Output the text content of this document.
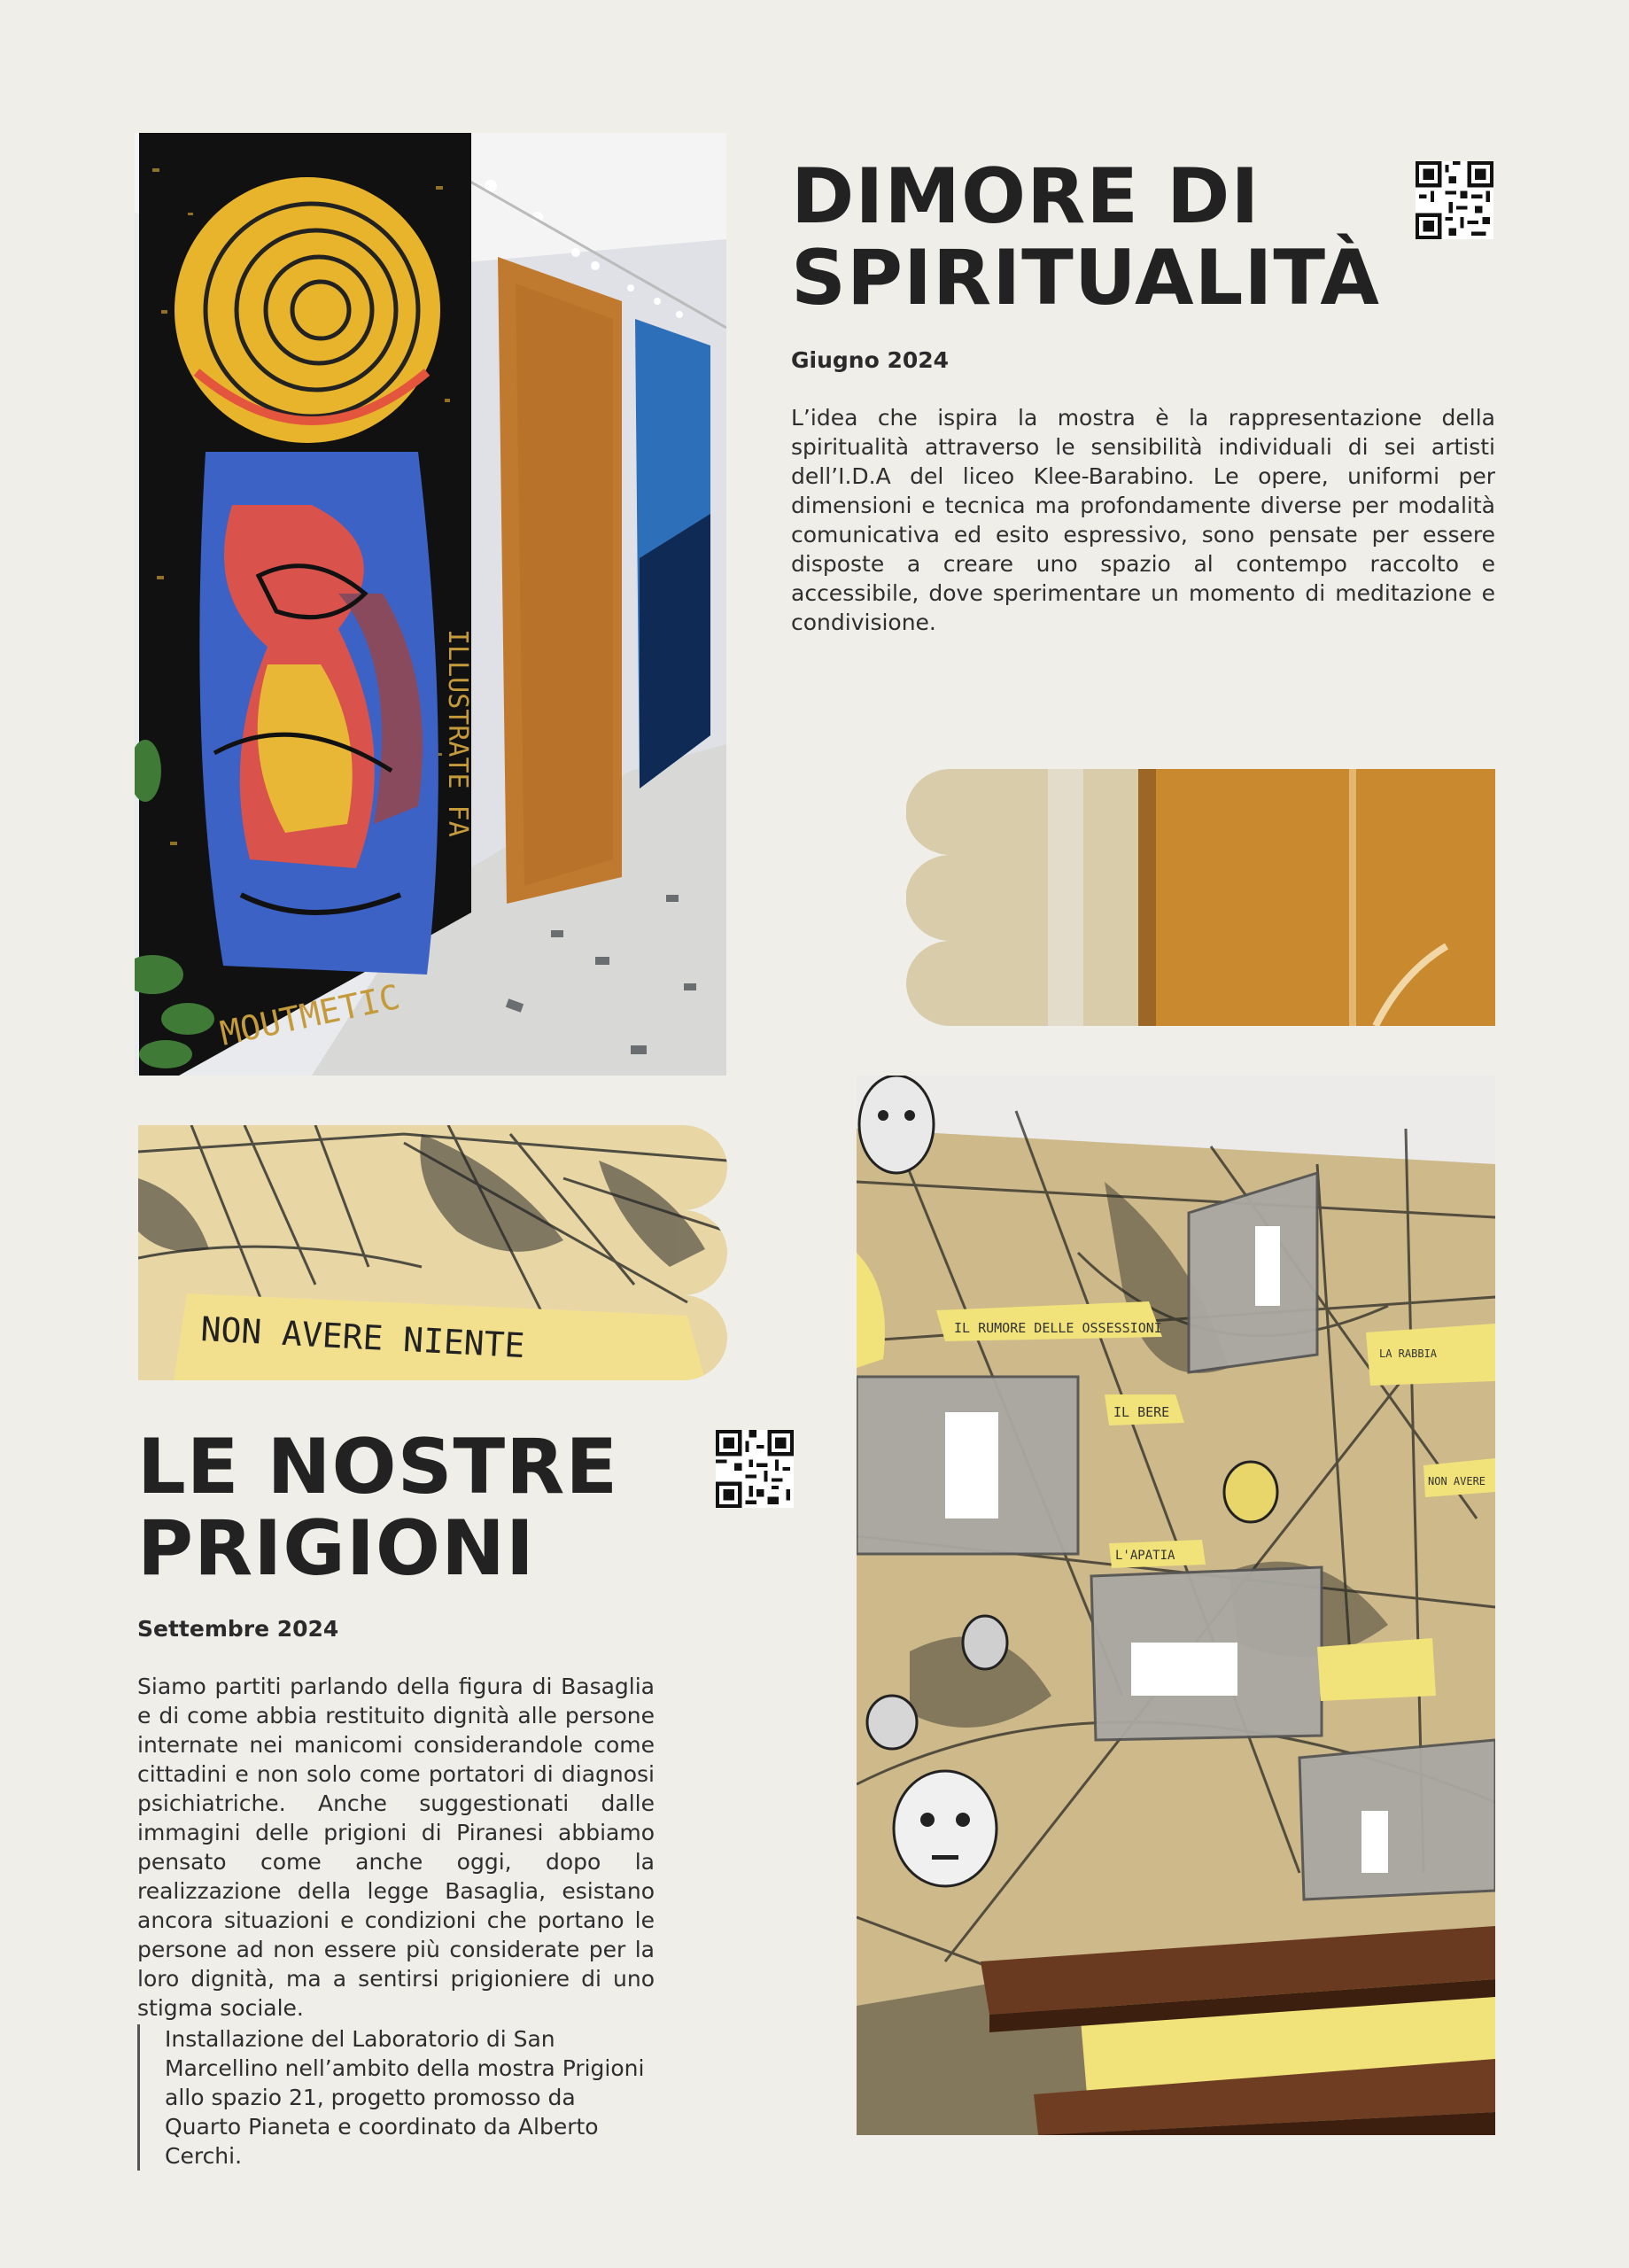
ILLUSTRATE FA
MOUTMETIC

DIMORE DI

SPIRITUALITÀ

Giugno 2024

L’idea che ispira la mostra è la rappresentazione della spiritualità attraverso le sensibilità individuali di sei artisti dell’I.D.A del liceo Klee-Barabino. Le opere, uniformi per dimensioni e tecnica ma profondamente diverse per modalità comunicativa ed esito espressivo, sono pensate per essere disposte a creare uno spazio al contempo raccolto e accessibile, dove sperimentare un momento di meditazione e condivisione.

NON AVERE NIENTE

LE NOSTRE

PRIGIONI

Settembre 2024

Siamo partiti parlando della figura di Basaglia e di come abbia restituito dignità alle persone internate nei manicomi considerandole come cittadini e non solo come portatori di diagnosi psichiatriche. Anche suggestionati dalle immagini delle prigioni di Piranesi abbiamo pensato come anche oggi, dopo la realizzazione della legge Basaglia, esistano ancora situazioni e condizioni che portano le persone ad non essere più considerate per la loro dignità, ma a sentirsi prigioniere di uno stigma sociale.

Installazione del Laboratorio di San Marcellino nell’ambito della mostra Prigioni allo spazio 21, progetto promosso da Quarto Pianeta e coordinato da Alberto Cerchi.

IL RUMORE DELLE OSSESSIONI
IL BERE
L'APATIA
NON AVERE
LA RABBIA
